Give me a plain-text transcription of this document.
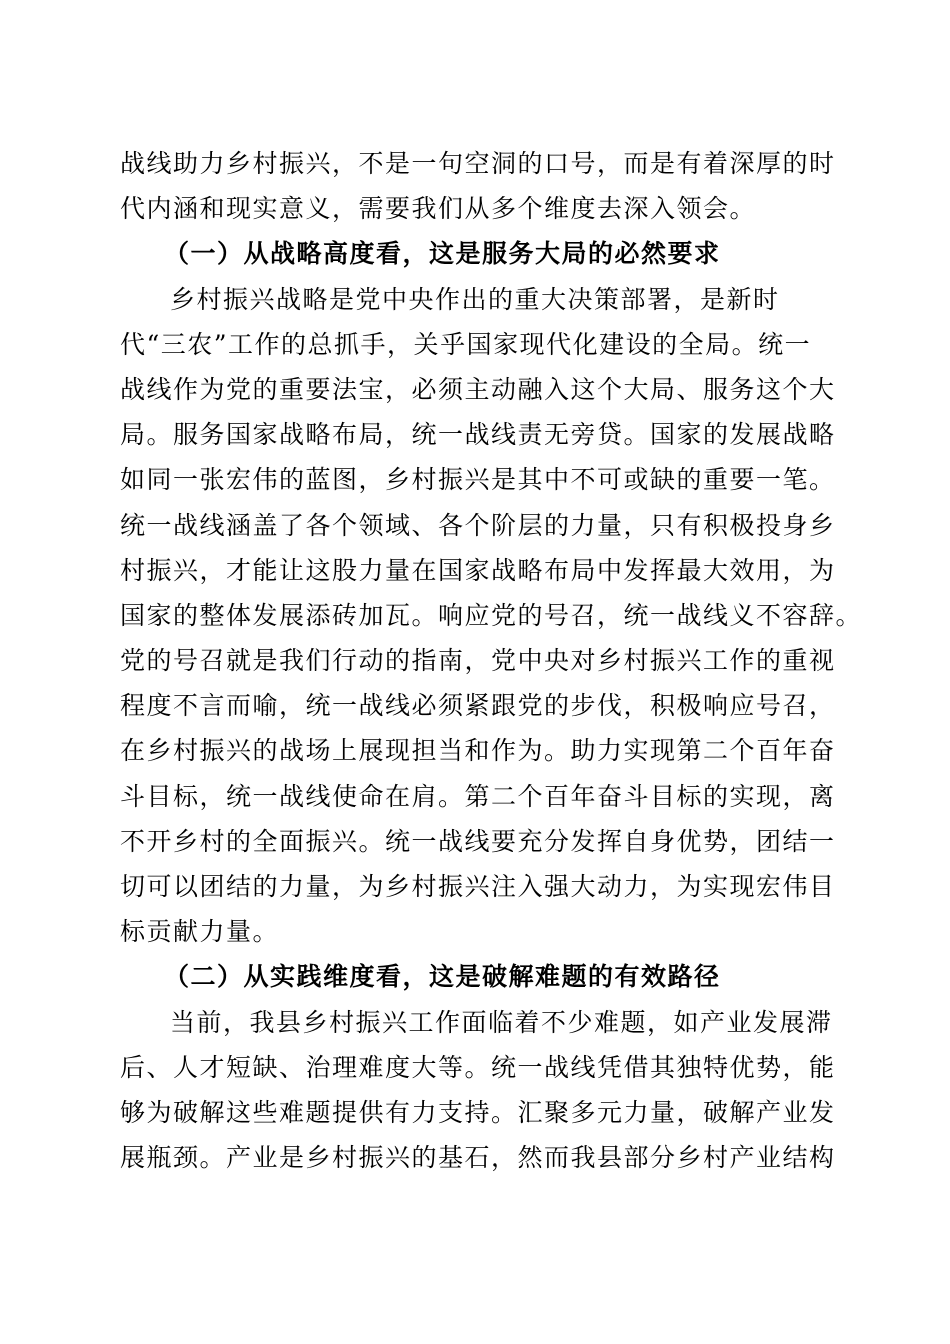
战线助力乡村振兴，不是一句空洞的口号，而是有着深厚的时
代内涵和现实意义，需要我们从多个维度去深入领会。
（一）从战略高度看，这是服务大局的必然要求
乡村振兴战略是党中央作出的重大决策部署，是新时
代“三农”工作的总抓手，关乎国家现代化建设的全局。统一
战线作为党的重要法宝，必须主动融入这个大局、服务这个大
局。服务国家战略布局，统一战线责无旁贷。国家的发展战略
如同一张宏伟的蓝图，乡村振兴是其中不可或缺的重要一笔。
统一战线涵盖了各个领域、各个阶层的力量，只有积极投身乡
村振兴，才能让这股力量在国家战略布局中发挥最大效用，为
国家的整体发展添砖加瓦。响应党的号召，统一战线义不容辞。
党的号召就是我们行动的指南，党中央对乡村振兴工作的重视
程度不言而喻，统一战线必须紧跟党的步伐，积极响应号召，
在乡村振兴的战场上展现担当和作为。助力实现第二个百年奋
斗目标，统一战线使命在肩。第二个百年奋斗目标的实现，离
不开乡村的全面振兴。统一战线要充分发挥自身优势，团结一
切可以团结的力量，为乡村振兴注入强大动力，为实现宏伟目
标贡献力量。
（二）从实践维度看，这是破解难题的有效路径
当前，我县乡村振兴工作面临着不少难题，如产业发展滞
后、人才短缺、治理难度大等。统一战线凭借其独特优势，能
够为破解这些难题提供有力支持。汇聚多元力量，破解产业发
展瓶颈。产业是乡村振兴的基石，然而我县部分乡村产业结构
